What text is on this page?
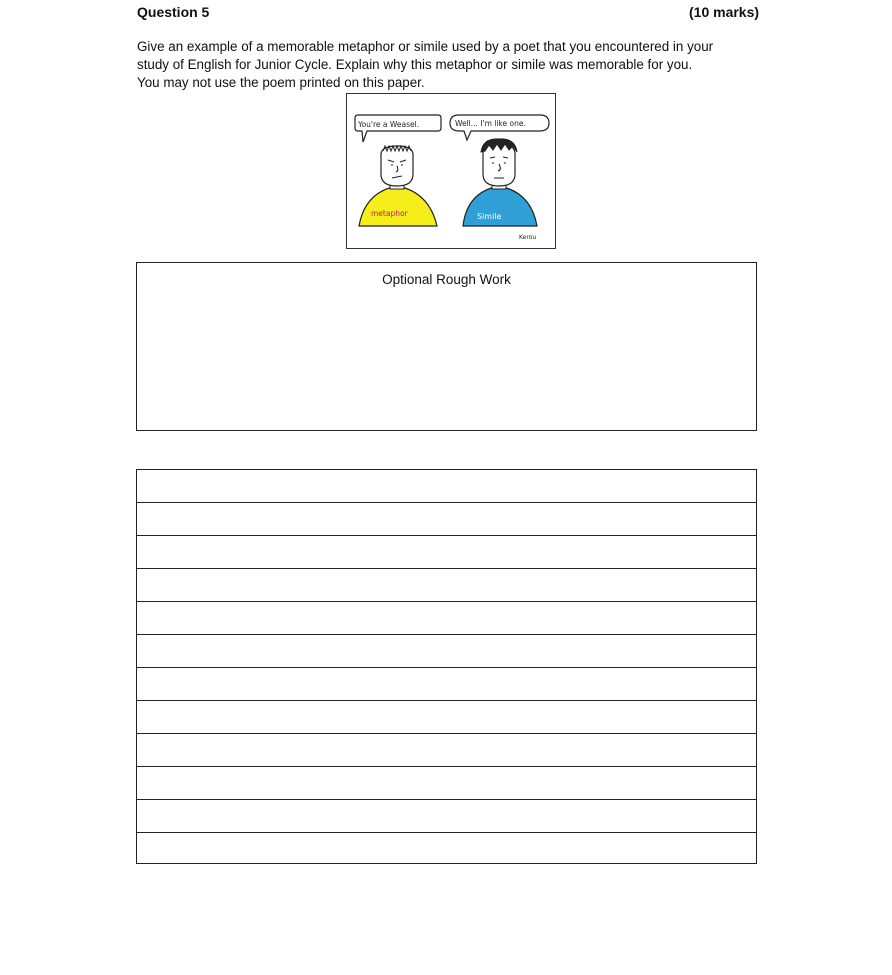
Question 5	(10 marks)

Give an example of a memorable metaphor or simile used by a poet that you encountered in your

study of English for Junior Cycle. Explain why this metaphor or simile was memorable for you.

You may not use the poem printed on this paper.

You're a Weasel.	Well... I'm like one.
metaphor	Simile
Kerou
Optional Rough Work
